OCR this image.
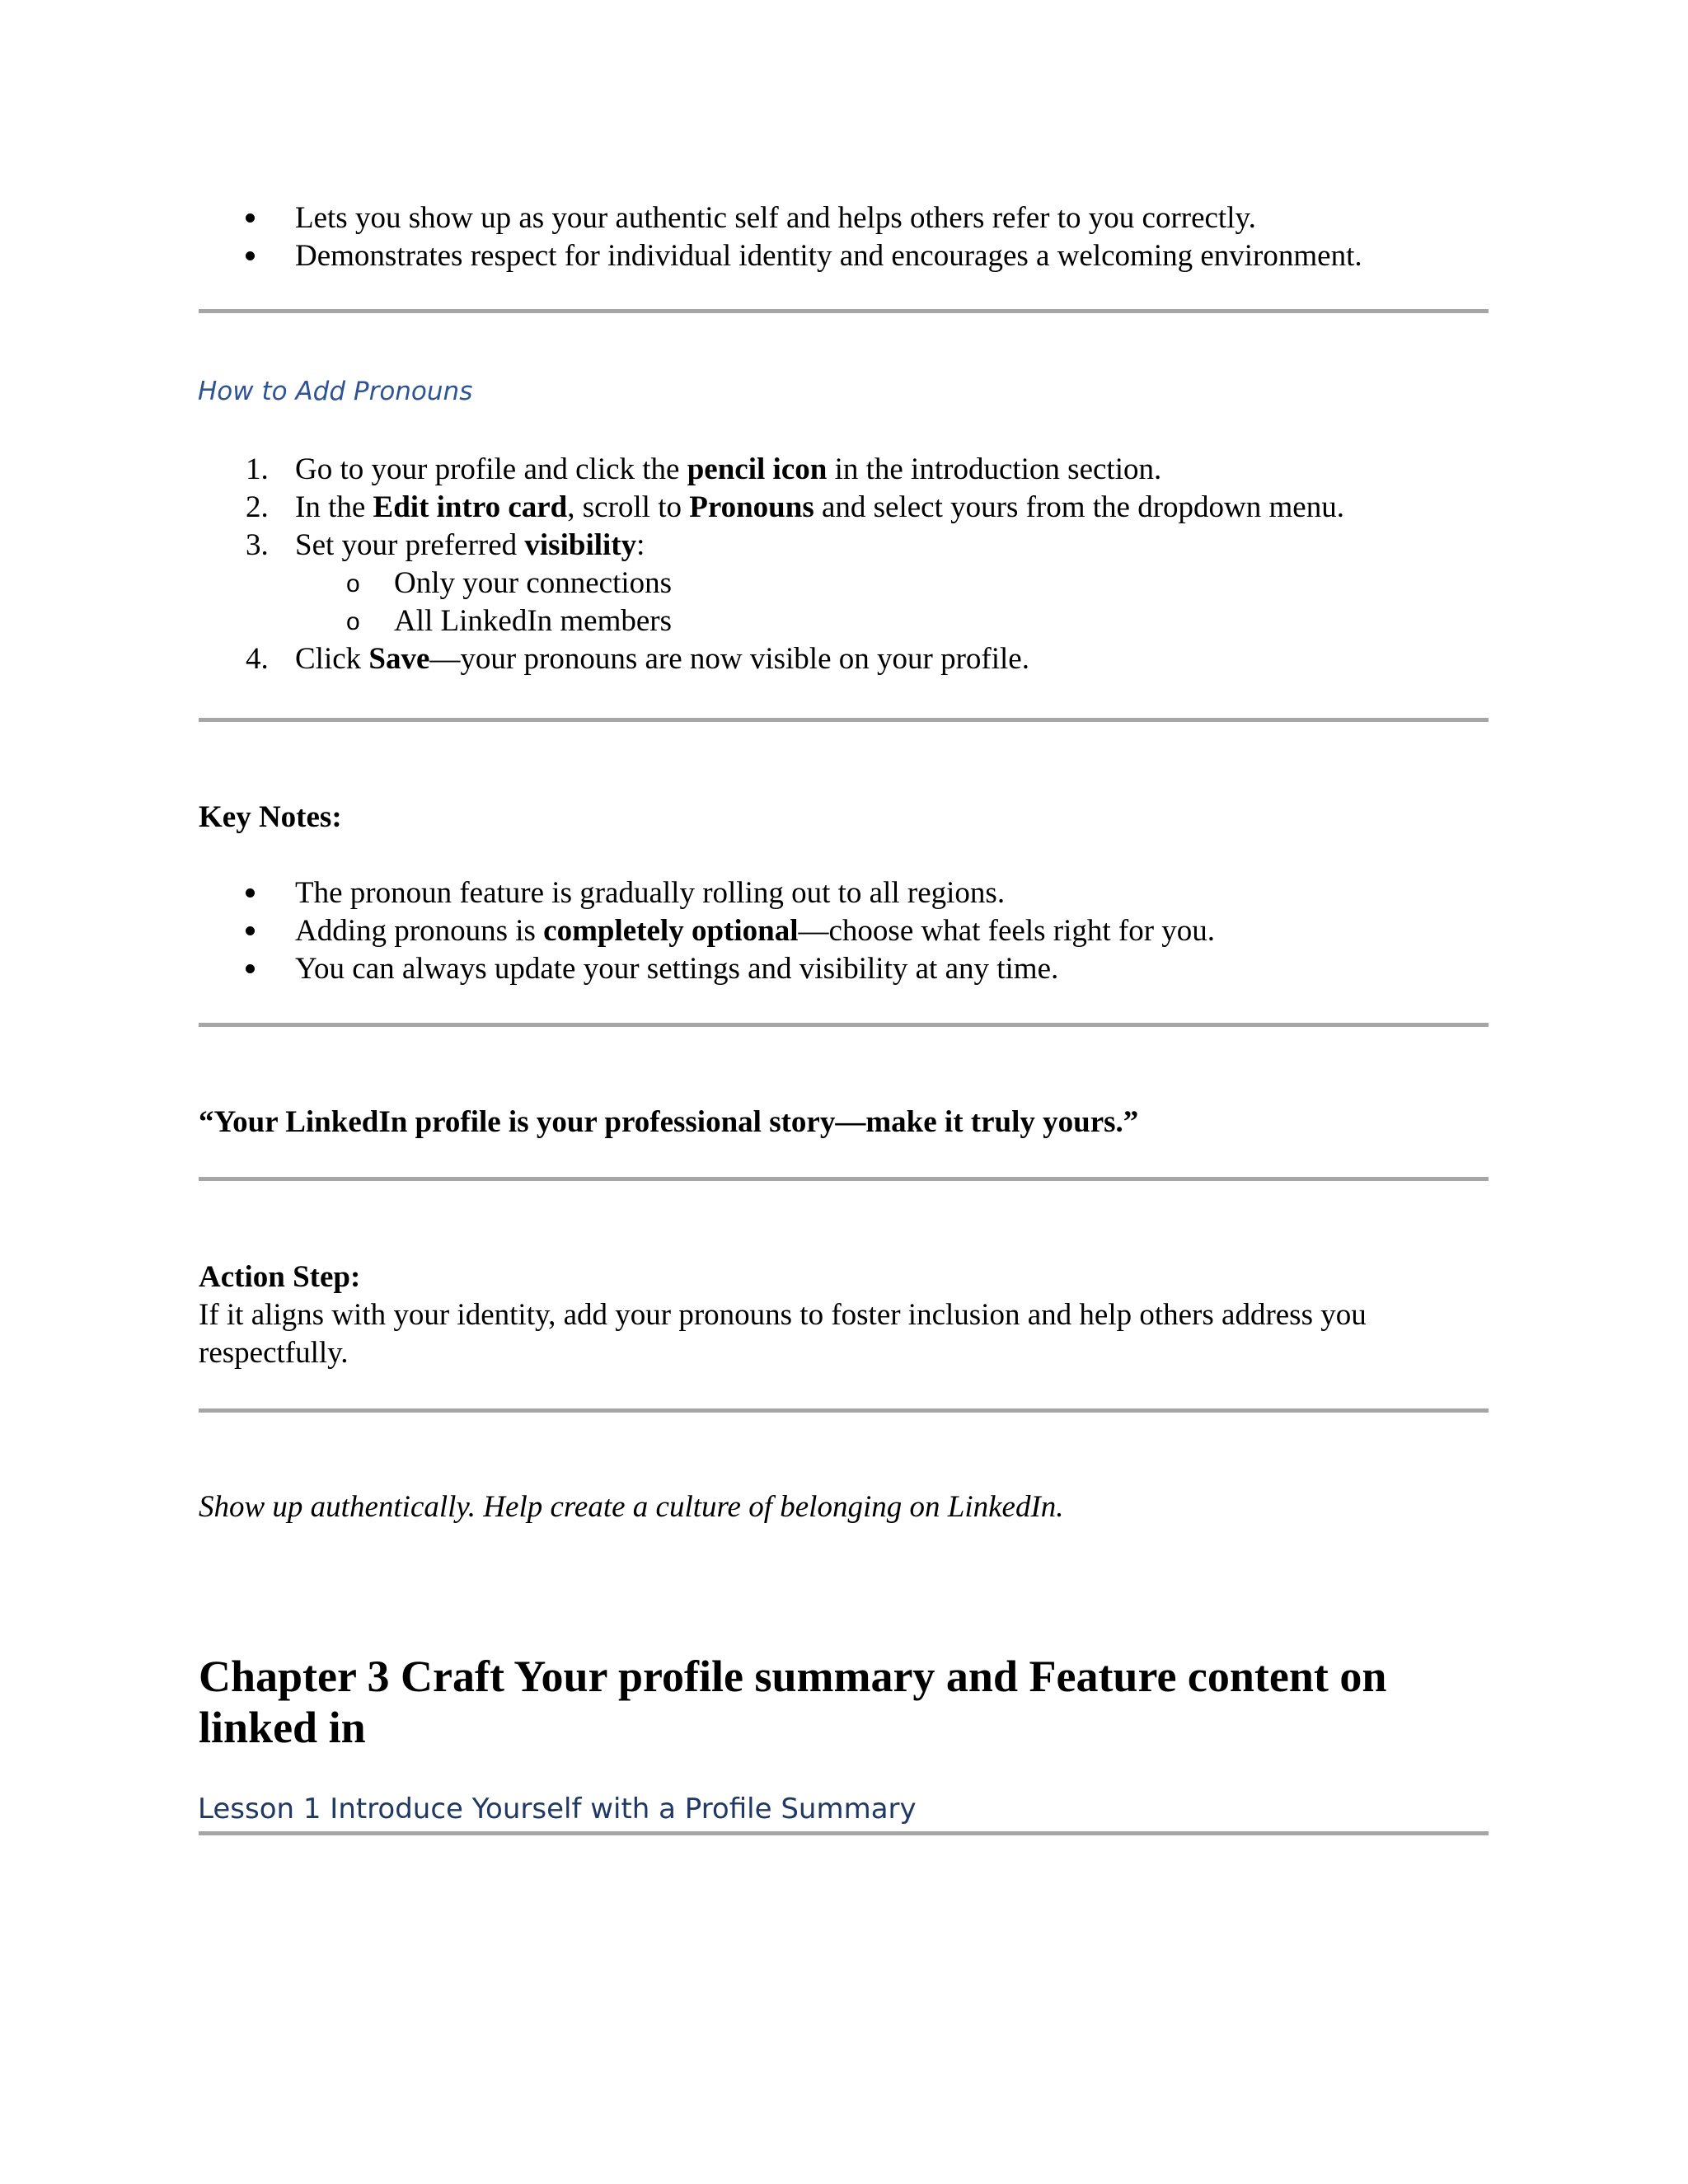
Lets you show up as your authentic self and helps others refer to you correctly.
Demonstrates respect for individual identity and encourages a welcoming environment.
How to Add Pronouns
1. Go to your profile and click the pencil icon in the introduction section.
2. In the Edit intro card, scroll to Pronouns and select yours from the dropdown menu.
3. Set your preferred visibility:
o Only your connections
o All LinkedIn members
4. Click Save—your pronouns are now visible on your profile.
Key Notes:
The pronoun feature is gradually rolling out to all regions.
Adding pronouns is completely optional—choose what feels right for you.
You can always update your settings and visibility at any time.
“Your LinkedIn profile is your professional story—make it truly yours.”
Action Step:
If it aligns with your identity, add your pronouns to foster inclusion and help others address you
respectfully.
Show up authentically. Help create a culture of belonging on LinkedIn.
Chapter 3 Craft Your profile summary and Feature content on
linked in
Lesson 1 Introduce Yourself with a Profile Summary
